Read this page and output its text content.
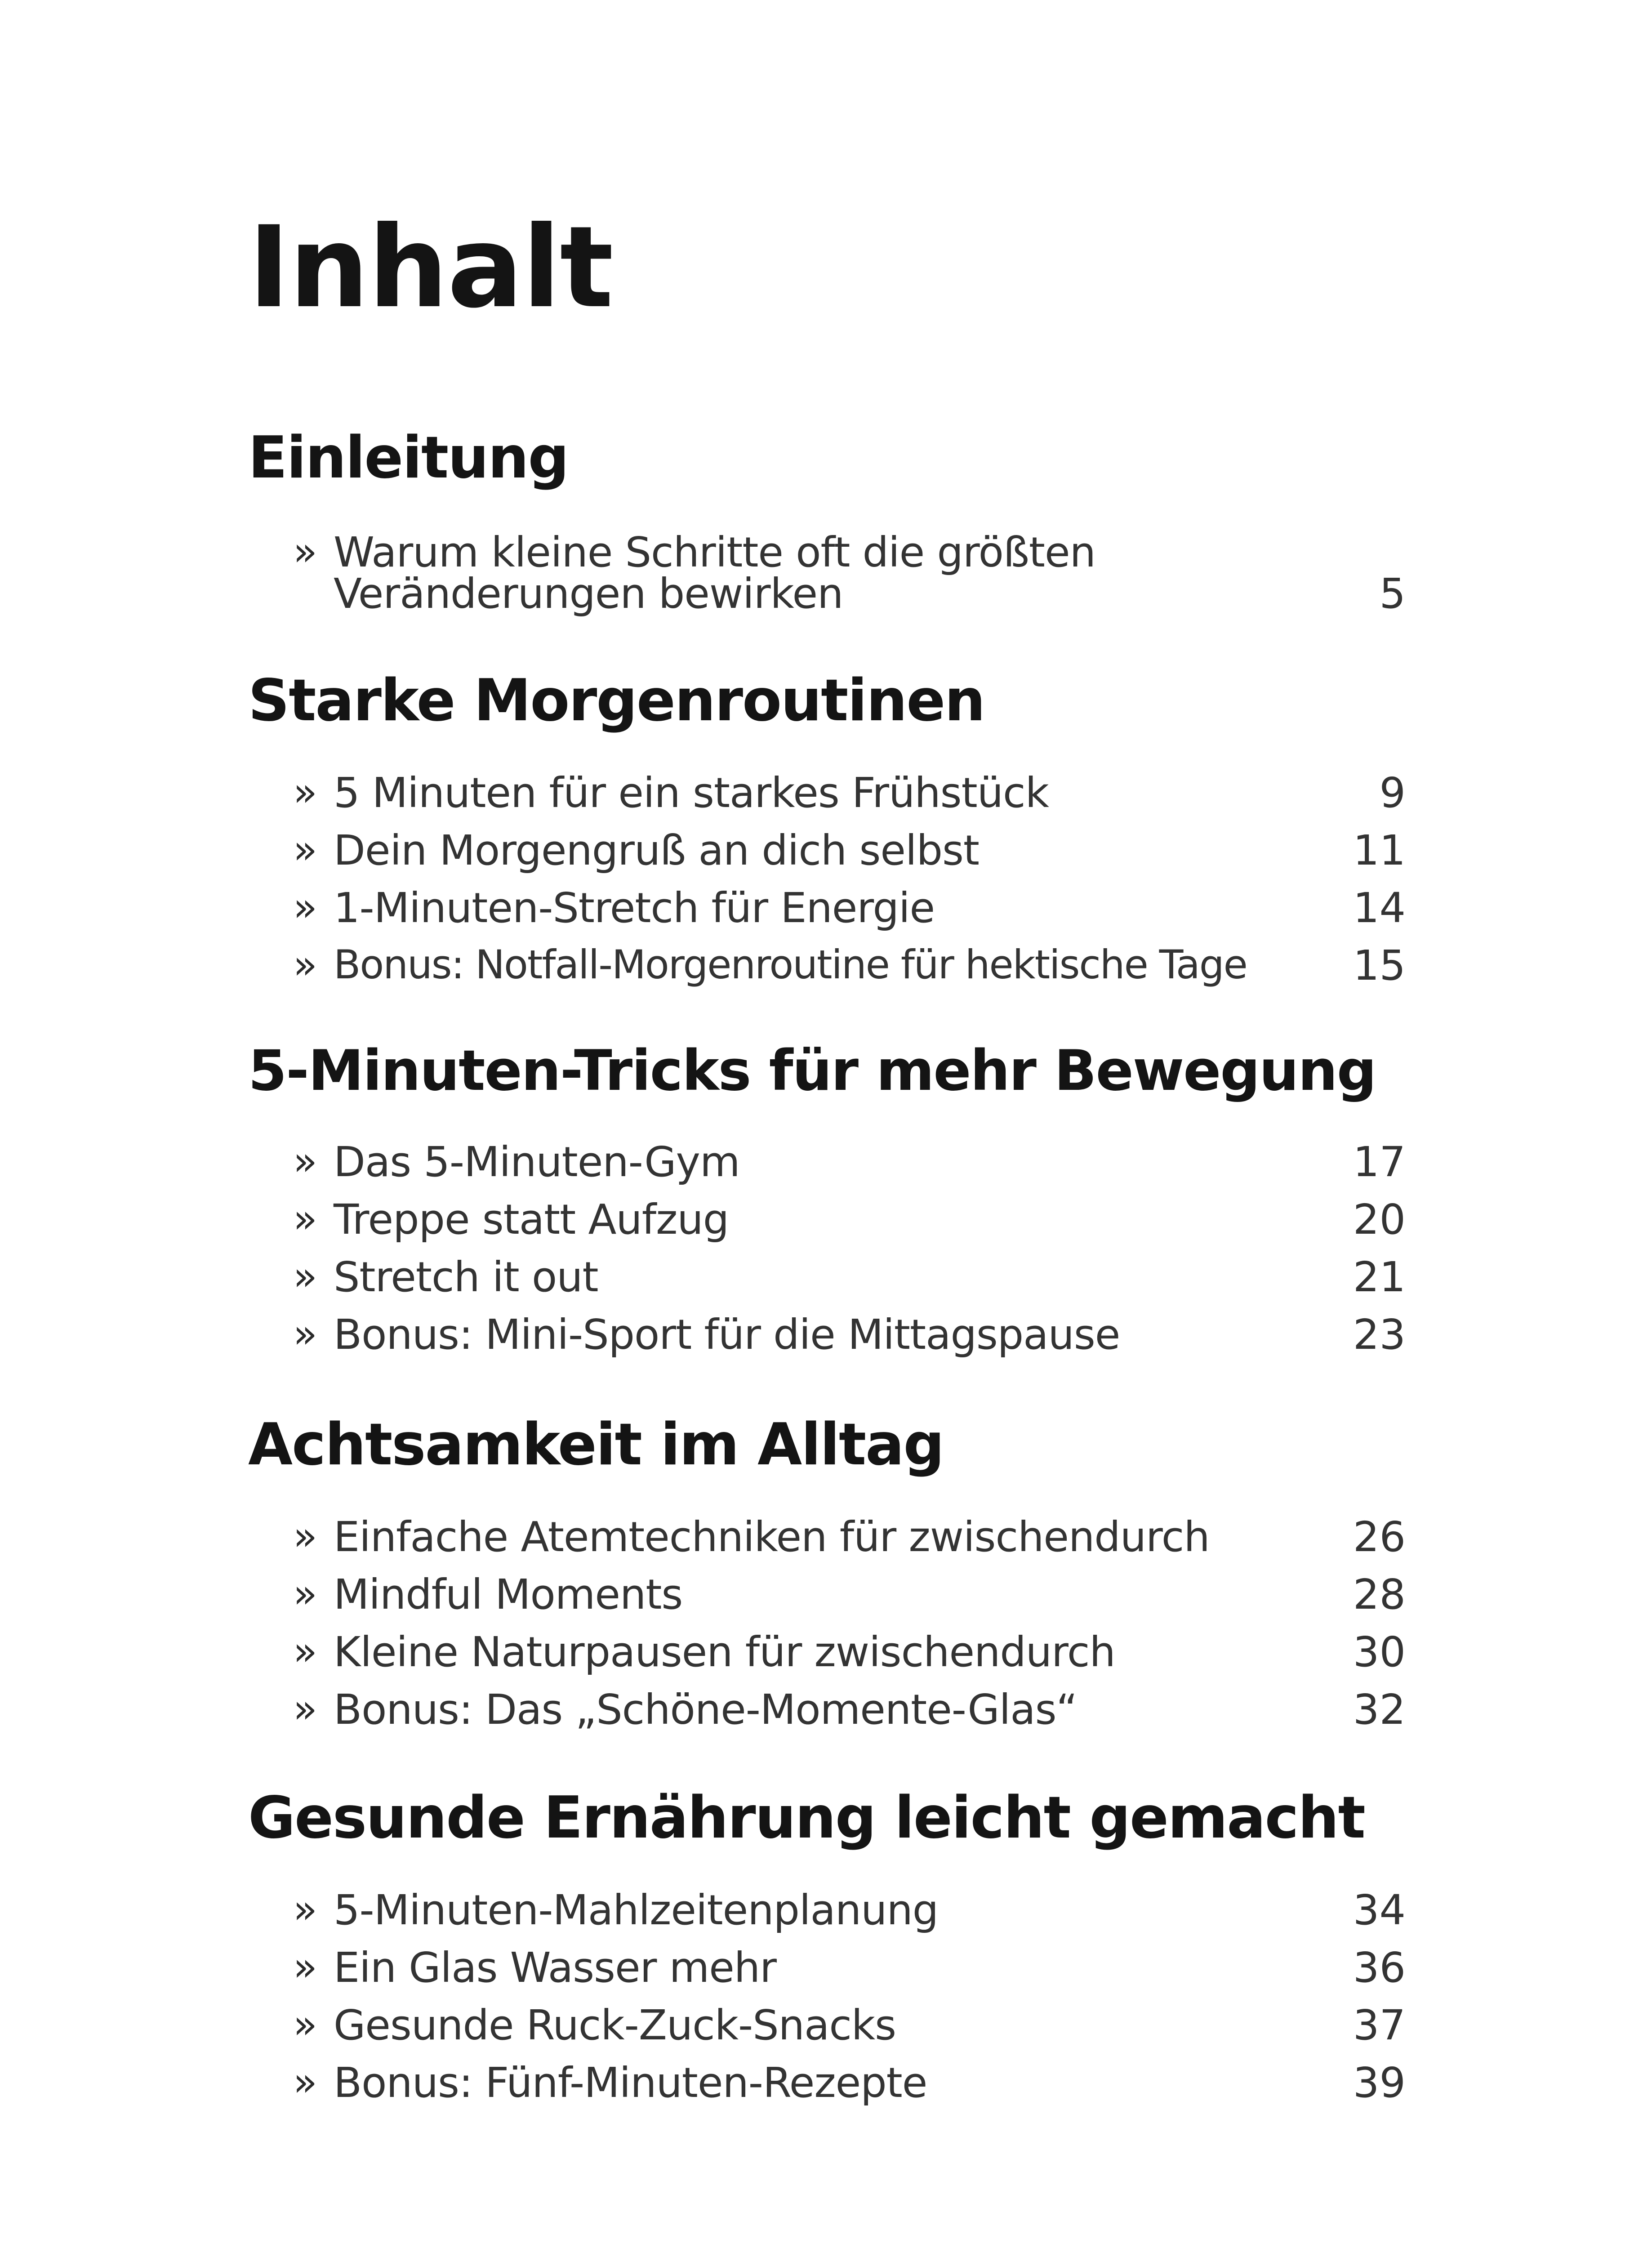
Inhalt
Einleitung
» Warum kleine Schritte oft die größten
Veränderungen bewirken	5
Starke Morgenroutinen
» 5 Minuten für ein starkes Frühstück	9
» Dein Morgengruß an dich selbst	11
» 1-Minuten-Stretch für Energie	14
» Bonus: Notfall-Morgenroutine für hektische Tage	15
5-Minuten-Tricks für mehr Bewegung
» Das 5-Minuten-Gym	17
» Treppe statt Aufzug	20
» Stretch it out	21
» Bonus: Mini-Sport für die Mittagspause	23
Achtsamkeit im Alltag
» Einfache Atemtechniken für zwischendurch	26
» Mindful Moments	28
» Kleine Naturpausen für zwischendurch	30
» Bonus: Das „Schöne-Momente-Glas“	32
Gesunde Ernährung leicht gemacht
» 5-Minuten-Mahlzeitenplanung	34
» Ein Glas Wasser mehr	36
» Gesunde Ruck-Zuck-Snacks	37
» Bonus: Fünf-Minuten-Rezepte	39
